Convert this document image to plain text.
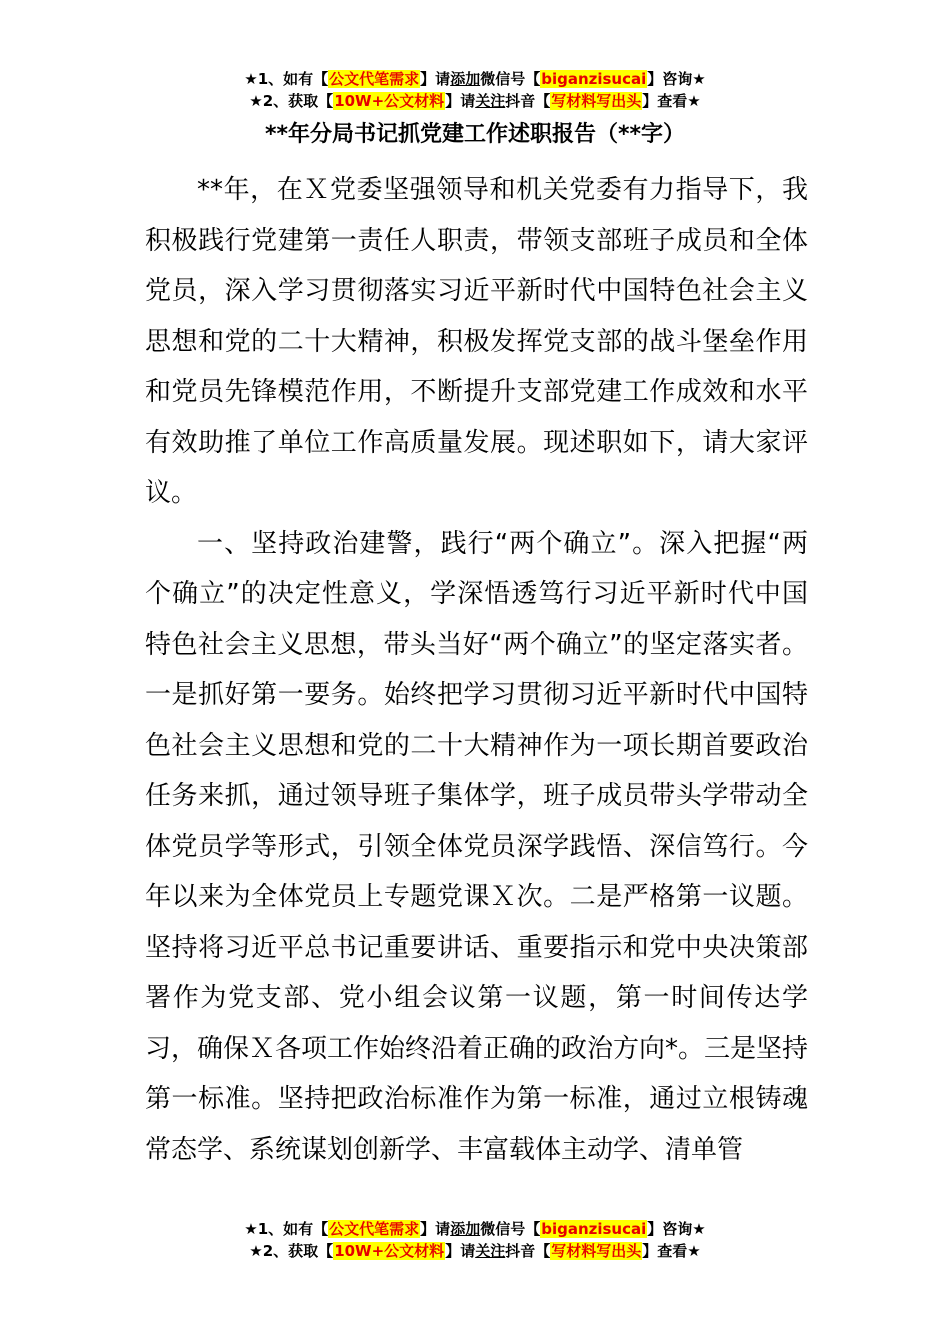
★1、如有【公文代笔需求】请添加微信号【biganzisucai】咨询★
★2、获取【10W+公文材料】请关注抖音【写材料写出头】查看★
**年分局书记抓党建工作述职报告（**字）

**年，在Ｘ党委坚强领导和机关党委有力指导下，我积极践行党建第一责任人职责，带领支部班子成员和全体党员，深入学习贯彻落实习近平新时代中国特色社会主义思想和党的二十大精神，积极发挥党支部的战斗堡垒作用和党员先锋模范作用，不断提升支部党建工作成效和水平有效助推了单位工作高质量发展。现述职如下，请大家评议。

一、坚持政治建警，践行“两个确立”。深入把握“两个确立”的决定性意义，学深悟透笃行习近平新时代中国特色社会主义思想，带头当好“两个确立”的坚定落实者。一是抓好第一要务。始终把学习贯彻习近平新时代中国特色社会主义思想和党的二十大精神作为一项长期首要政治任务来抓，通过领导班子集体学，班子成员带头学带动全体党员学等形式，引领全体党员深学践悟、深信笃行。今年以来为全体党员上专题党课Ｘ次。二是严格第一议题。坚持将习近平总书记重要讲话、重要指示和党中央决策部署作为党支部、党小组会议第一议题，第一时间传达学习，确保Ｘ各项工作始终沿着正确的政治方向*。三是坚持第一标准。坚持把政治标准作为第一标准，通过立根铸魂常态学、系统谋划创新学、丰富载体主动学、清单管

★1、如有【公文代笔需求】请添加微信号【biganzisucai】咨询★
★2、获取【10W+公文材料】请关注抖音【写材料写出头】查看★
